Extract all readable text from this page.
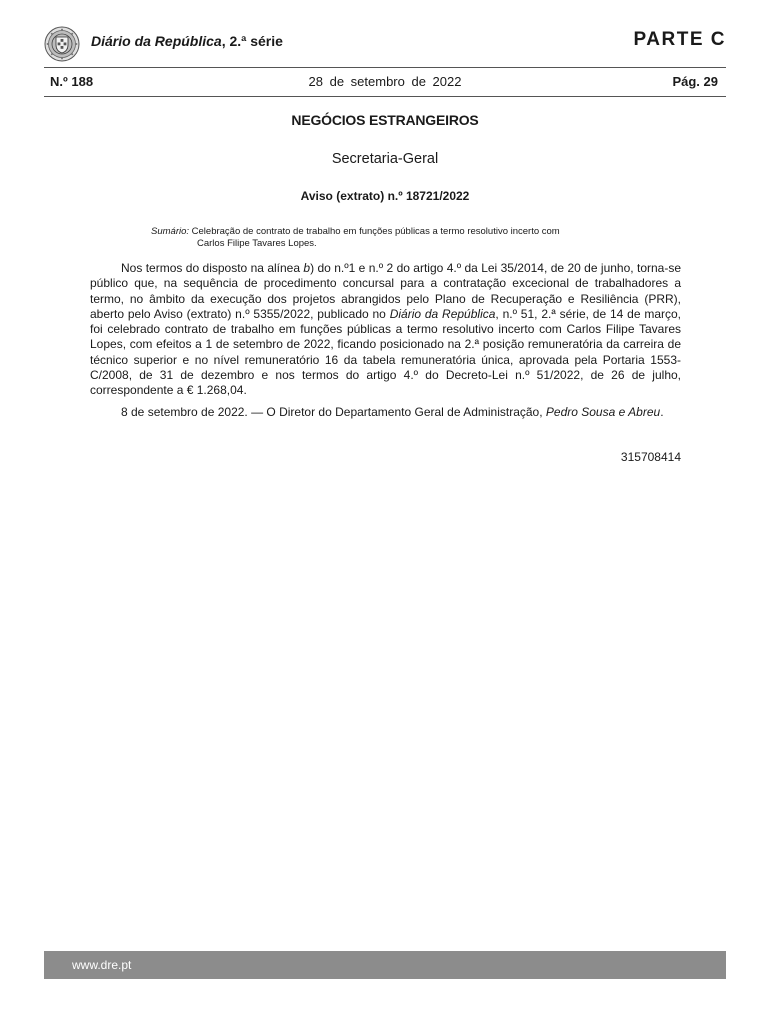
Diário da República, 2.ª série	PARTE C
28 de setembro de 2022
N.º 188	Pág. 29
NEGÓCIOS ESTRANGEIROS
Secretaria-Geral
Aviso (extrato) n.º 18721/2022
Sumário: Celebração de contrato de trabalho em funções públicas a termo resolutivo incerto com
Carlos Filipe Tavares Lopes.

Nos termos do disposto na alínea b) do n.º1 e n.º 2 do artigo 4.º da Lei 35/2014, de 20 de junho, torna-se público que, na sequência de procedimento concursal para a contratação excecional de trabalhadores a termo, no âmbito da execução dos projetos abrangidos pelo Plano de Recuperação e Resiliência (PRR), aberto pelo Aviso (extrato) n.º 5355/2022, publicado no Diário da República, n.º 51, 2.ª série, de 14 de março, foi celebrado contrato de trabalho em funções públicas a termo resolutivo incerto com Carlos Filipe Tavares Lopes, com efeitos a 1 de setembro de 2022, ficando posicionado na 2.ª posição remuneratória da carreira de técnico superior e no nível remuneratório 16 da tabela remuneratória única, aprovada pela Portaria 1553-C/2008, de 31 de dezembro e nos termos do artigo 4.º do Decreto-Lei n.º 51/2022, de 26 de julho, correspondente a € 1.268,04.

8 de setembro de 2022. — O Diretor do Departamento Geral de Administração, Pedro Sousa e Abreu.

315708414
www.dre.pt
